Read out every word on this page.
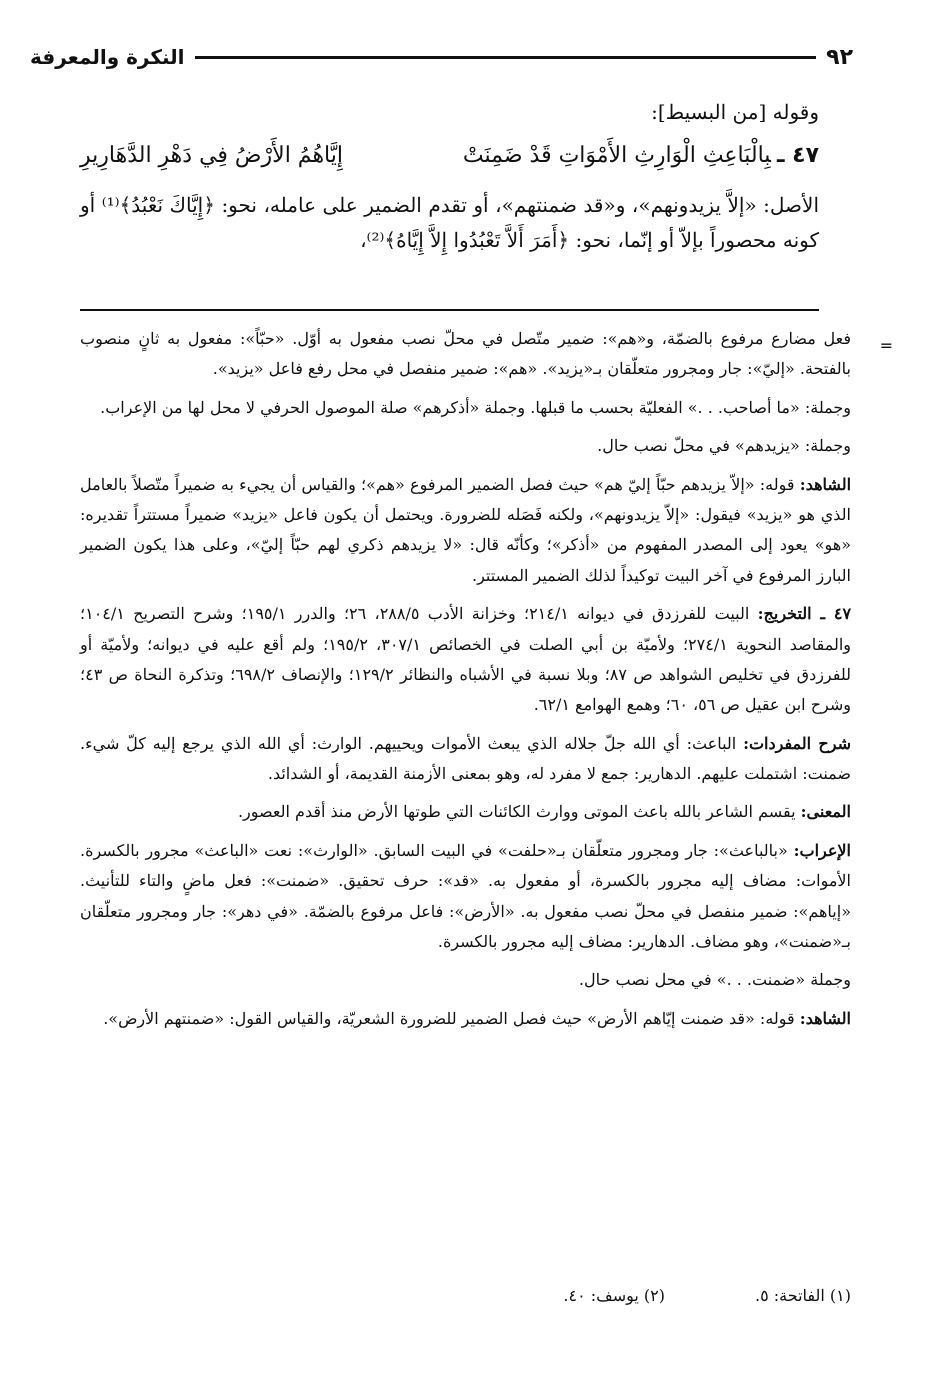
٩٢
النكرة والمعرفة

وقوله [من البسيط]:

٤٧ ـبِالْبَاعِثِ الْوَارِثِ الأَمْوَاتِ قَدْ ضَمِنَتْ
إِيَّاهُمُ الأَرْضُ فِي دَهْرِ الدَّهَارِيرِ

الأصل: «إلاَّ يزيدونهم»، و«قد ضمنتهم»، أو تقدم الضمير على عامله، نحو: ﴿إِيَّاكَ نَعْبُدُ﴾⁽¹⁾ أو كونه محصوراً بإلاّ أو إنّما، نحو: ﴿أَمَرَ أَلاَّ تَعْبُدُوا إِلاَّ إِيَّاهُ﴾⁽²⁾،

=

فعل مضارع مرفوع بالضمّة، و«هم»: ضمير متّصل في محلّ نصب مفعول به أوّل. «حبّاً»: مفعول به ثانٍ منصوب بالفتحة. «إليّ»: جار ومجرور متعلّقان بـ«يزيد». «هم»: ضمير منفصل في محل رفع فاعل «يزيد».

وجملة: «ما أصاحب. . .» الفعليّة بحسب ما قبلها. وجملة «أذكرهم» صلة الموصول الحرفي لا محل لها من الإعراب.

وجملة: «يزيدهم» في محلّ نصب حال.

الشاهد: قوله: «إلاّ يزيدهم حبّاً إليّ هم» حيث فصل الضمير المرفوع «هم»؛ والقياس أن يجيء به ضميراً متّصلاً بالعامل الذي هو «يزيد» فيقول: «إلاّ يزيدونهم»، ولكنه فَصَله للضرورة. ويحتمل أن يكون فاعل «يزيد» ضميراً مستتراً تقديره: «هو» يعود إلى المصدر المفهوم من «أذكر»؛ وكأنّه قال: «لا يزيدهم ذكري لهم حبّاً إليّ»، وعلى هذا يكون الضمير البارز المرفوع في آخر البيت توكيداً لذلك الضمير المستتر.

٤٧ ـ التخريج: البيت للفرزدق في ديوانه ٢١٤/١؛ وخزانة الأدب ٢٨٨/٥، ٢٦؛ والدرر ١٩٥/١؛ وشرح التصريح ١٠٤/١؛ والمقاصد النحوية ٢٧٤/١؛ ولأميّة بن أبي الصلت في الخصائص ٣٠٧/١، ١٩٥/٢؛ ولم أقع عليه في ديوانه؛ ولأميّة أو للفرزدق في تخليص الشواهد ص ٨٧؛ وبلا نسبة في الأشباه والنظائر ١٢٩/٢؛ والإنصاف ٦٩٨/٢؛ وتذكرة النحاة ص ٤٣؛ وشرح ابن عقيل ص ٥٦، ٦٠؛ وهمع الهوامع ٦٢/١.

شرح المفردات: الباعث: أي الله جلّ جلاله الذي يبعث الأموات ويحييهم. الوارث: أي الله الذي يرجع إليه كلّ شيء. ضمنت: اشتملت عليهم. الدهارير: جمع لا مفرد له، وهو بمعنى الأزمنة القديمة، أو الشدائد.

المعنى: يقسم الشاعر بالله باعث الموتى ووارث الكائنات التي طوتها الأرض منذ أقدم العصور.

الإعراب: «بالباعث»: جار ومجرور متعلّقان بـ«حلفت» في البيت السابق. «الوارث»: نعت «الباعث» مجرور بالكسرة. الأموات: مضاف إليه مجرور بالكسرة، أو مفعول به. «قد»: حرف تحقيق. «ضمنت»: فعل ماضٍ والتاء للتأنيث. «إياهم»: ضمير منفصل في محلّ نصب مفعول به. «الأرض»: فاعل مرفوع بالضمّة. «في دهر»: جار ومجرور متعلّقان بـ«ضمنت»، وهو مضاف. الدهارير: مضاف إليه مجرور بالكسرة.

وجملة «ضمنت. . .» في محل نصب حال.

الشاهد: قوله: «قد ضمنت إيّاهم الأرض» حيث فصل الضمير للضرورة الشعريّة، والقياس القول: «ضمنتهم الأرض».

(١) الفاتحة: ٥.
(٢) يوسف: ٤٠.
